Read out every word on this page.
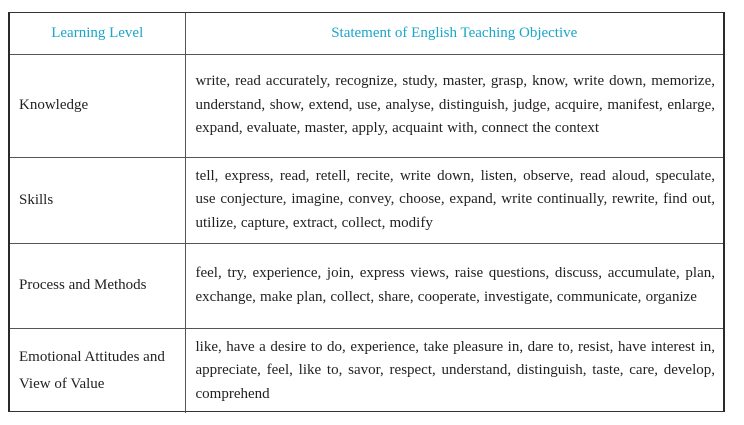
Learning Level	Statement of English Teaching Objective
Knowledge	write, read accurately, recognize, study, master, grasp, know, write down, memorize, understand, show, extend, use, analyse, distinguish, judge, acquire, manifest, enlarge, expand, evaluate, master, apply, acquaint with, connect the context
Skills	tell, express, read, retell, recite, write down, listen, observe, read aloud, speculate, use conjecture, imagine, convey, choose, expand, write continually, rewrite, find out, utilize, capture, extract, collect, modify
Process and Methods	feel, try, experience, join, express views, raise questions, discuss, accumulate, plan, exchange, make plan, collect, share, cooperate, investigate, communicate, organize
Emotional Attitudes and View of Value	like, have a desire to do, experience, take pleasure in, dare to, resist, have interest in, appreciate, feel, like to, savor, respect, understand, distinguish, taste, care, develop, comprehend
